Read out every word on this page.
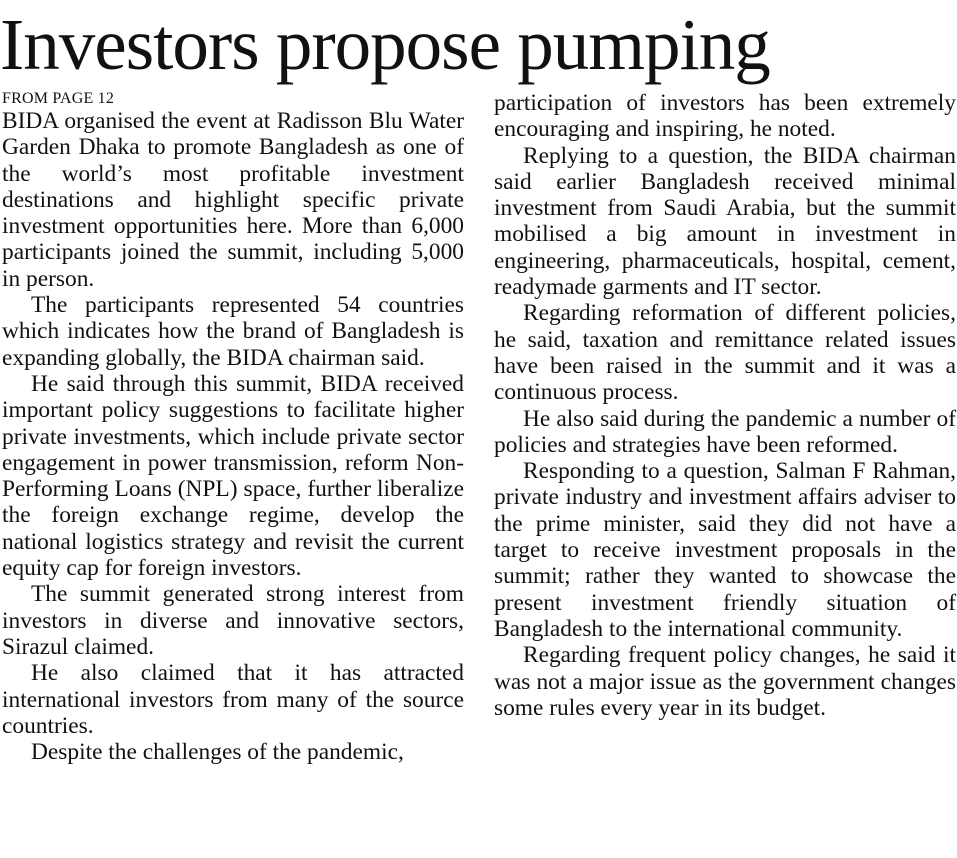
Investors propose pumping
FROM PAGE 12

BIDA organised the event at Radisson Blu Water Garden Dhaka to promote Bangladesh as one of the world’s most profitable investment destinations and highlight specific private investment opportunities here. More than 6,000 participants joined the summit, including 5,000 in person.

The participants represented 54 countries which indicates how the brand of Bangladesh is expanding globally, the BIDA chairman said.

He said through this summit, BIDA received important policy suggestions to facilitate higher private investments, which include private sector engagement in power transmission, reform Non-Performing Loans (NPL) space, further liberalize the foreign exchange regime, develop the national logistics strategy and revisit the current equity cap for foreign investors.

The summit generated strong interest from investors in diverse and innovative sectors, Sirazul claimed.

He also claimed that it has attracted international investors from many of the source countries.

Despite the challenges of the pandemic,

participation of investors has been extremely encouraging and inspiring, he noted.

Replying to a question, the BIDA chairman said earlier Bangladesh received minimal investment from Saudi Arabia, but the summit mobilised a big amount in investment in engineering, pharmaceuticals, hospital, cement, readymade garments and IT sector.

Regarding reformation of different policies, he said, taxation and remittance related issues have been raised in the summit and it was a continuous process.

He also said during the pandemic a number of policies and strategies have been reformed.

Responding to a question, Salman F Rahman, private industry and investment affairs adviser to the prime minister, said they did not have a target to receive investment proposals in the summit; rather they wanted to showcase the present investment friendly situation of Bangladesh to the international community.

Regarding frequent policy changes, he said it was not a major issue as the government changes some rules every year in its budget.
